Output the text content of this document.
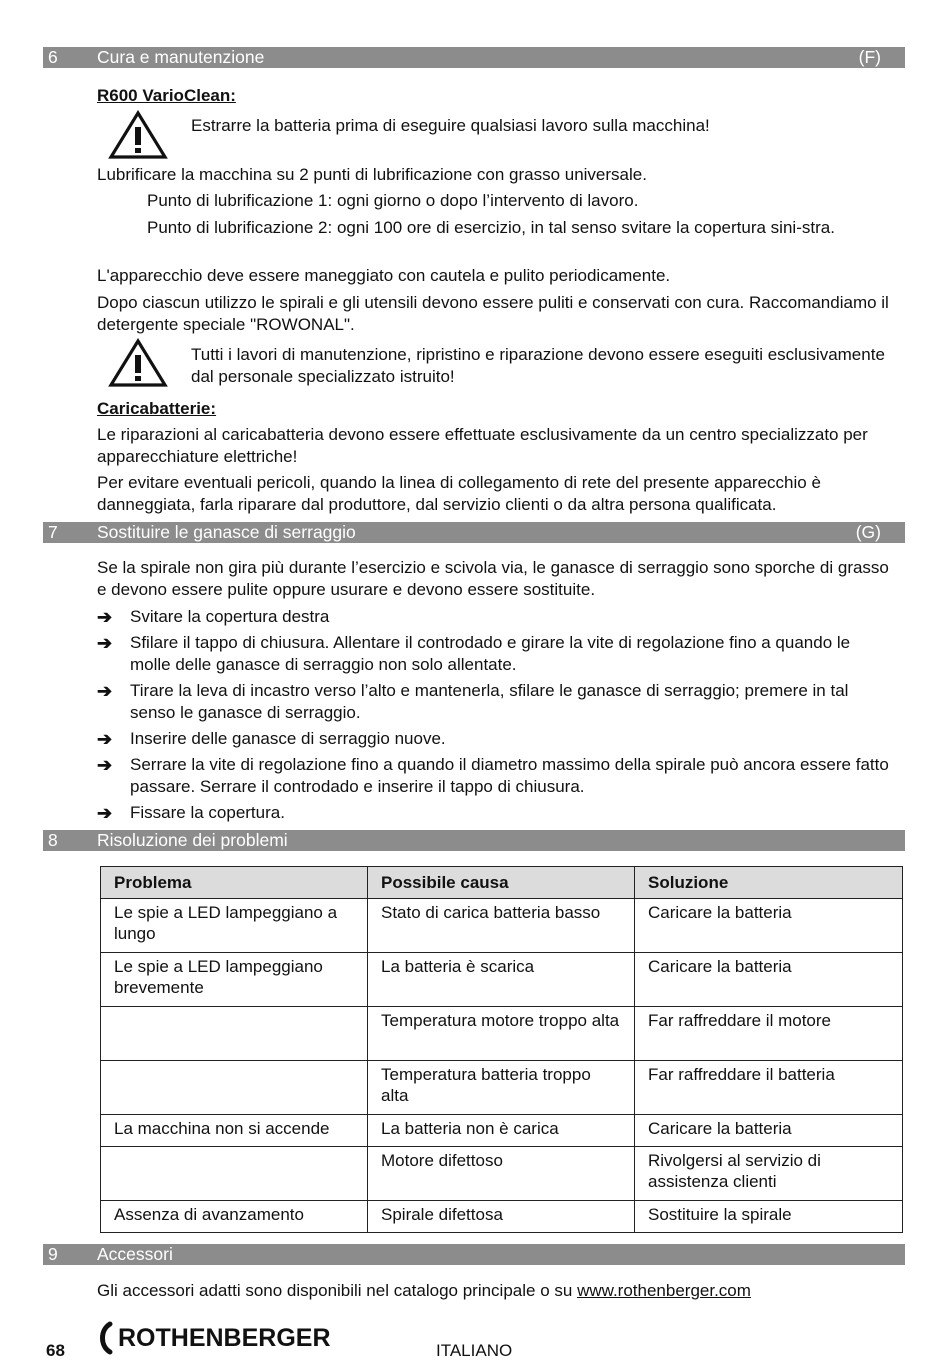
6 Cura e manutenzione	(F)
R600 VarioClean:
Estrarre la batteria prima di eseguire qualsiasi lavoro sulla macchina!
Lubrificare la macchina su 2 punti di lubrificazione con grasso universale.
Punto di lubrificazione 1: ogni giorno o dopo l’intervento di lavoro.
Punto di lubrificazione 2: ogni 100 ore di esercizio, in tal senso svitare la copertura sini-stra.
L'apparecchio deve essere maneggiato con cautela e pulito periodicamente.
Dopo ciascun utilizzo le spirali e gli utensili devono essere puliti e conservati con cura. Raccomandiamo il detergente speciale "ROWONAL".
Tutti i lavori di manutenzione, ripristino e riparazione devono essere eseguiti esclusivamente dal personale specializzato istruito!
Caricabatterie:
Le riparazioni al caricabatteria devono essere effettuate esclusivamente da un centro specializzato per apparecchiature elettriche!
Per evitare eventuali pericoli, quando la linea di collegamento di rete del presente apparecchio è danneggiata, farla riparare dal produttore, dal servizio clienti o da altra persona qualificata.
7 Sostituire le ganasce di serraggio	(G)
Se la spirale non gira più durante l’esercizio e scivola via, le ganasce di serraggio sono sporche di grasso e devono essere pulite oppure usurare e devono essere sostituite.
➔ Svitare la copertura destra
➔ Sfilare il tappo di chiusura. Allentare il controdado e girare la vite di regolazione fino a quando le molle delle ganasce di serraggio non solo allentate.
➔ Tirare la leva di incastro verso l’alto e mantenerla, sfilare le ganasce di serraggio; premere in tal senso le ganasce di serraggio.
➔ Inserire delle ganasce di serraggio nuove.
➔ Serrare la vite di regolazione fino a quando il diametro massimo della spirale può ancora essere fatto passare. Serrare il controdado e inserire il tappo di chiusura.
➔ Fissare la copertura.
8 Risoluzione dei problemi
Problema	Possibile causa	Soluzione
Le spie a LED lampeggiano a lungo	Stato di carica batteria basso	Caricare la batteria
Le spie a LED lampeggiano brevemente	La batteria è scarica	Caricare la batteria
	Temperatura motore troppo alta	Far raffreddare il motore
	Temperatura batteria troppo alta	Far raffreddare il batteria
La macchina non si accende	La batteria non è carica	Caricare la batteria
	Motore difettoso	Rivolgersi al servizio di assistenza clienti
Assenza di avanzamento	Spirale difettosa	Sostituire la spirale
9 Accessori
Gli accessori adatti sono disponibili nel catalogo principale o su www.rothenberger.com
68 ROTHENBERGER	ITALIANO
